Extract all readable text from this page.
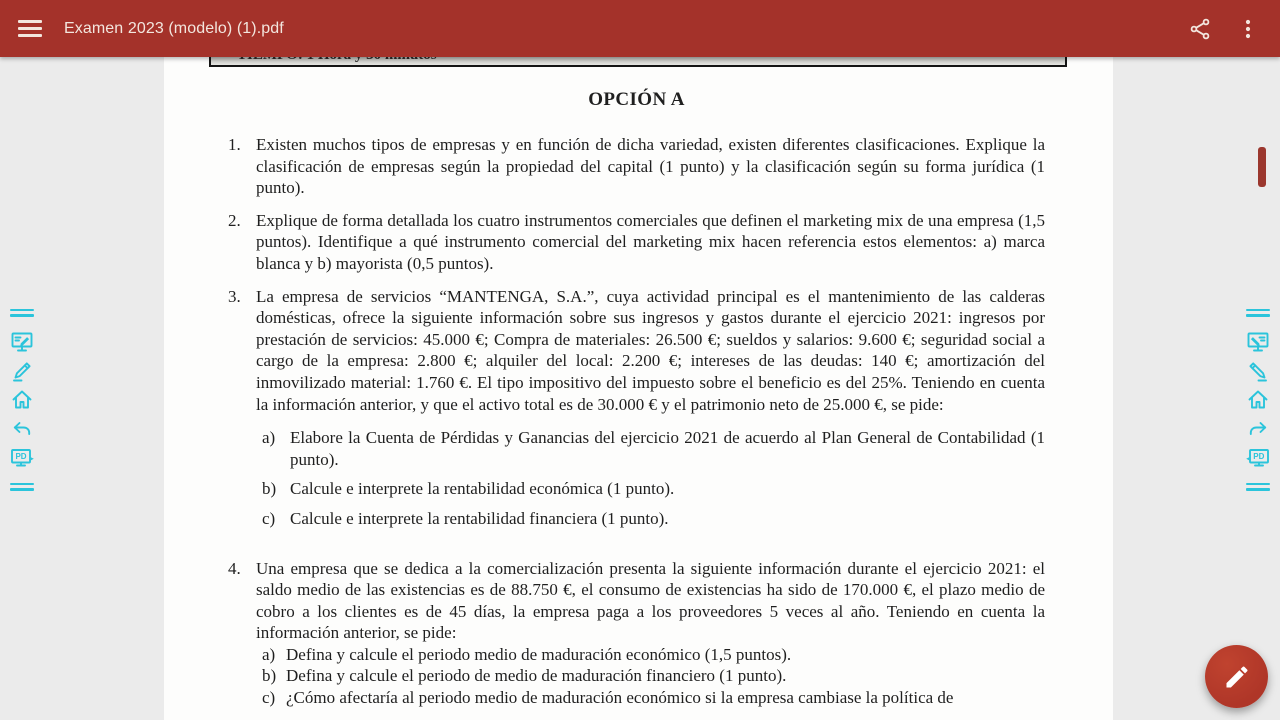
Examen 2023 (modelo) (1).pdf
OPCIÓN A
1. Existen muchos tipos de empresas y en función de dicha variedad, existen diferentes clasificaciones. Explique la clasificación de empresas según la propiedad del capital (1 punto) y la clasificación según su forma jurídica (1 punto).

2. Explique de forma detallada los cuatro instrumentos comerciales que definen el marketing mix de una empresa (1,5 puntos). Identifique a qué instrumento comercial del marketing mix hacen referencia estos elementos: a) marca blanca y b) mayorista (0,5 puntos).

3. La empresa de servicios “MANTENGA, S.A.”, cuya actividad principal es el mantenimiento de las calderas domésticas, ofrece la siguiente información sobre sus ingresos y gastos durante el ejercicio 2021: ingresos por prestación de servicios: 45.000 €; Compra de materiales: 26.500 €; sueldos y salarios: 9.600 €; seguridad social a cargo de la empresa: 2.800 €; alquiler del local: 2.200 €; intereses de las deudas: 140 €; amortización del inmovilizado material: 1.760 €. El tipo impositivo del impuesto sobre el beneficio es del 25%. Teniendo en cuenta la información anterior, y que el activo total es de 30.000 € y el patrimonio neto de 25.000 €, se pide:

a) Elabore la Cuenta de Pérdidas y Ganancias del ejercicio 2021 de acuerdo al Plan General de Contabilidad (1 punto).
b) Calcule e interprete la rentabilidad económica (1 punto).
c) Calcule e interprete la rentabilidad financiera (1 punto).
4. Una empresa que se dedica a la comercialización presenta la siguiente información durante el ejercicio 2021: el saldo medio de las existencias es de 88.750 €, el consumo de existencias ha sido de 170.000 €, el plazo medio de cobro a los clientes es de 45 días, la empresa paga a los proveedores 5 veces al año. Teniendo en cuenta la información anterior, se pide:

a) Defina y calcule el periodo medio de maduración económico (1,5 puntos).
b) Defina y calcule el periodo de medio de maduración financiero (1 punto).
c) ¿Cómo afectaría al periodo medio de maduración económico si la empresa cambiase la política de
PD	PD
